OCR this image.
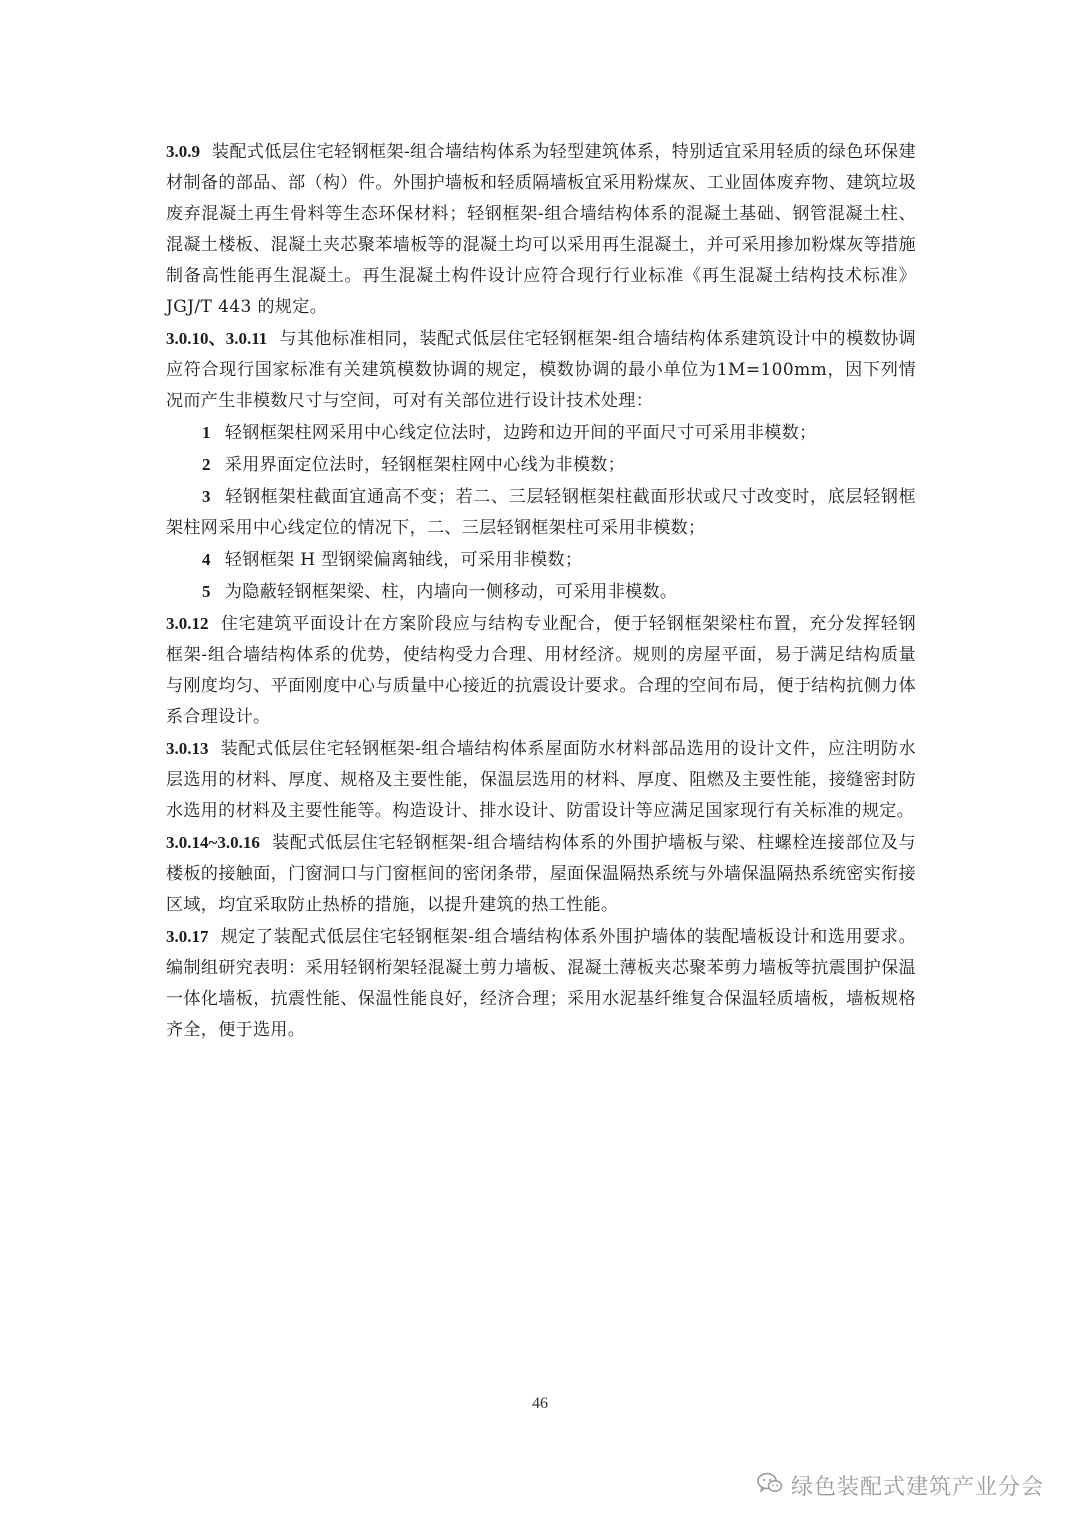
3.0.9 装配式低层住宅轻钢框架-组合墙结构体系为轻型建筑体系，特别适宜采用轻质的绿色环保建材制备的部品、部（构）件。外围护墙板和轻质隔墙板宜采用粉煤灰、工业固体废弃物、建筑垃圾废弃混凝土再生骨料等生态环保材料；轻钢框架-组合墙结构体系的混凝土基础、钢管混凝土柱、混凝土楼板、混凝土夹芯聚苯墙板等的混凝土均可以采用再生混凝土，并可采用掺加粉煤灰等措施制备高性能再生混凝土。再生混凝土构件设计应符合现行行业标准《再生混凝土结构技术标准》JGJ/T 443 的规定。

3.0.10、3.0.11 与其他标准相同，装配式低层住宅轻钢框架-组合墙结构体系建筑设计中的模数协调应符合现行国家标准有关建筑模数协调的规定，模数协调的最小单位为1M=100mm，因下列情况而产生非模数尺寸与空间，可对有关部位进行设计技术处理：

1 轻钢框架柱网采用中心线定位法时，边跨和边开间的平面尺寸可采用非模数；

2 采用界面定位法时，轻钢框架柱网中心线为非模数；

3 轻钢框架柱截面宜通高不变；若二、三层轻钢框架柱截面形状或尺寸改变时，底层轻钢框架柱网采用中心线定位的情况下，二、三层轻钢框架柱可采用非模数；

4 轻钢框架 H 型钢梁偏离轴线，可采用非模数；

5 为隐蔽轻钢框架梁、柱，内墙向一侧移动，可采用非模数。

3.0.12 住宅建筑平面设计在方案阶段应与结构专业配合，便于轻钢框架梁柱布置，充分发挥轻钢框架-组合墙结构体系的优势，使结构受力合理、用材经济。规则的房屋平面，易于满足结构质量与刚度均匀、平面刚度中心与质量中心接近的抗震设计要求。合理的空间布局，便于结构抗侧力体系合理设计。

3.0.13 装配式低层住宅轻钢框架-组合墙结构体系屋面防水材料部品选用的设计文件，应注明防水层选用的材料、厚度、规格及主要性能，保温层选用的材料、厚度、阻燃及主要性能，接缝密封防水选用的材料及主要性能等。构造设计、排水设计、防雷设计等应满足国家现行有关标准的规定。

3.0.14~3.0.16 装配式低层住宅轻钢框架-组合墙结构体系的外围护墙板与梁、柱螺栓连接部位及与楼板的接触面，门窗洞口与门窗框间的密闭条带，屋面保温隔热系统与外墙保温隔热系统密实衔接区域，均宜采取防止热桥的措施，以提升建筑的热工性能。

3.0.17 规定了装配式低层住宅轻钢框架-组合墙结构体系外围护墙体的装配墙板设计和选用要求。编制组研究表明：采用轻钢桁架轻混凝土剪力墙板、混凝土薄板夹芯聚苯剪力墙板等抗震围护保温一体化墙板，抗震性能、保温性能良好，经济合理；采用水泥基纤维复合保温轻质墙板，墙板规格齐全，便于选用。

46
绿色装配式建筑产业分会
